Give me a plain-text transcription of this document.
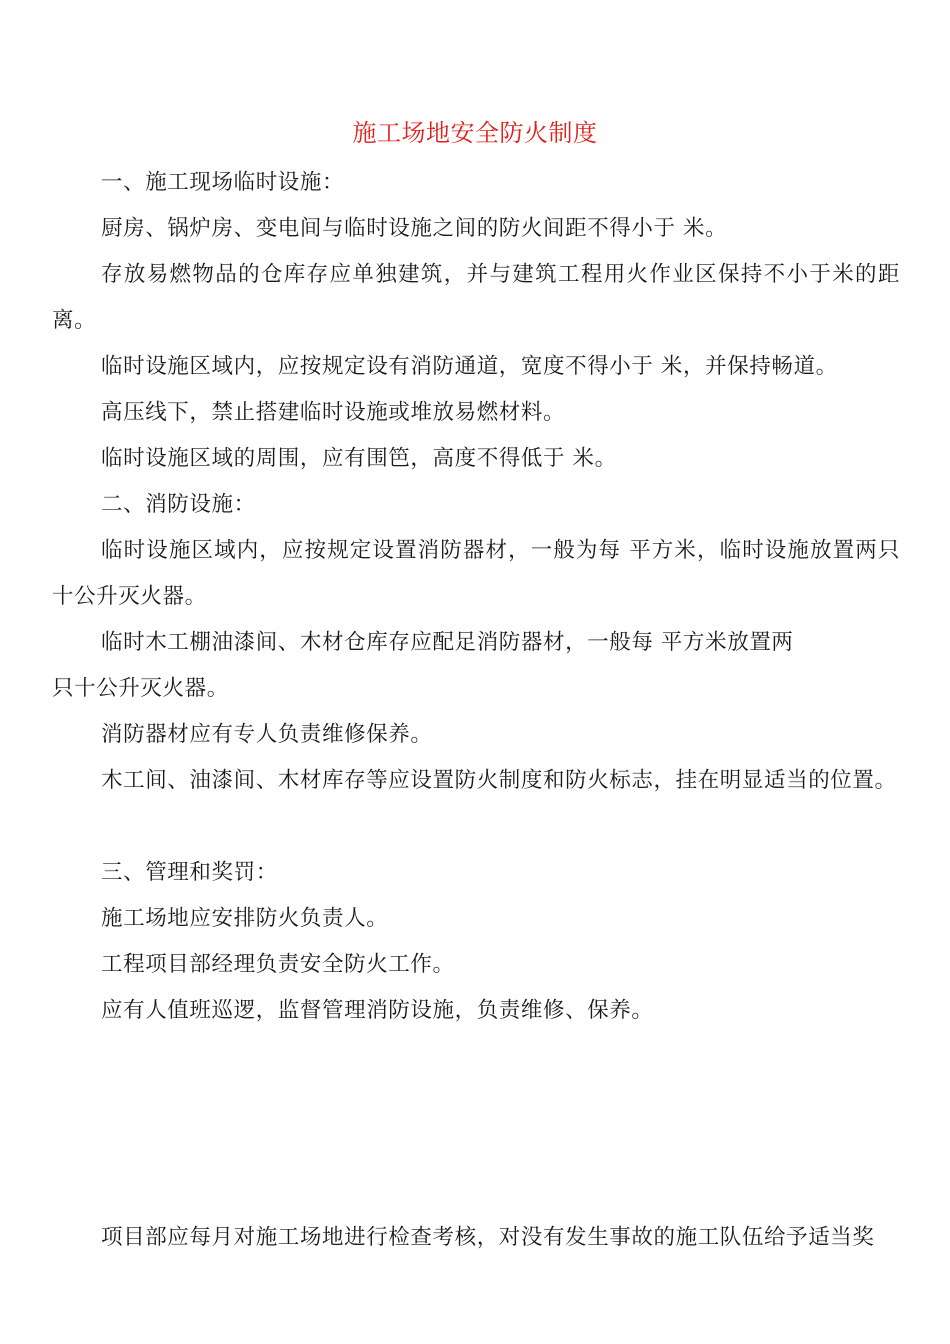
施工场地安全防火制度
一、施工现场临时设施：
厨房、锅炉房、变电间与临时设施之间的防火间距不得小于 米。
存放易燃物品的仓库存应单独建筑，并与建筑工程用火作业区保持不小于米的距离。
临时设施区域内，应按规定设有消防通道，宽度不得小于 米，并保持畅道。
高压线下，禁止搭建临时设施或堆放易燃材料。
临时设施区域的周围，应有围笆，高度不得低于 米。
二、消防设施：
临时设施区域内，应按规定设置消防器材，一般为每 平方米，临时设施放置两只十公升灭火器。
临时木工棚油漆间、木材仓库存应配足消防器材，一般每 平方米放置两
只十公升灭火器。
消防器材应有专人负责维修保养。
木工间、油漆间、木材库存等应设置防火制度和防火标志，挂在明显适当的位置。
三、管理和奖罚：
施工场地应安排防火负责人。
工程项目部经理负责安全防火工作。
应有人值班巡逻，监督管理消防设施，负责维修、保养。
项目部应每月对施工场地进行检查考核，对没有发生事故的施工队伍给予适当奖
